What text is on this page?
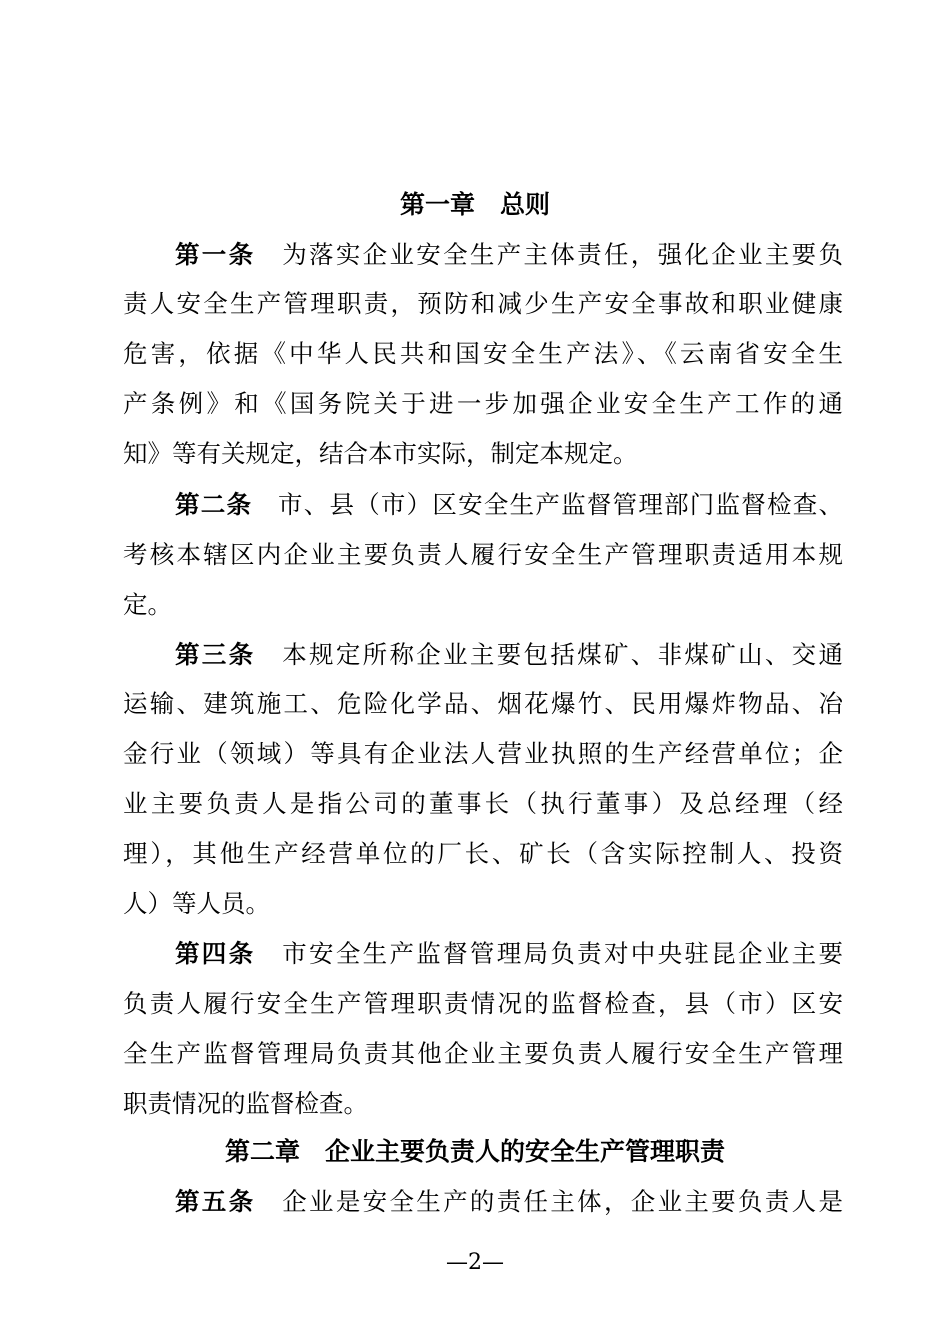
第一章　总则
第一条　为落实企业安全生产主体责任，强化企业主要负
责人安全生产管理职责，预防和减少生产安全事故和职业健康
危害，依据《中华人民共和国安全生产法》、《云南省安全生
产条例》和《国务院关于进一步加强企业安全生产工作的通
知》等有关规定，结合本市实际，制定本规定。
第二条　市、县（市）区安全生产监督管理部门监督检查、
考核本辖区内企业主要负责人履行安全生产管理职责适用本规
定。
第三条　本规定所称企业主要包括煤矿、非煤矿山、交通
运输、建筑施工、危险化学品、烟花爆竹、民用爆炸物品、冶
金行业（领域）等具有企业法人营业执照的生产经营单位；企
业主要负责人是指公司的董事长（执行董事）及总经理（经
理），其他生产经营单位的厂长、矿长（含实际控制人、投资
人）等人员。
第四条　市安全生产监督管理局负责对中央驻昆企业主要
负责人履行安全生产管理职责情况的监督检查，县（市）区安
全生产监督管理局负责其他企业主要负责人履行安全生产管理
职责情况的监督检查。
第二章　企业主要负责人的安全生产管理职责
第五条　企业是安全生产的责任主体，企业主要负责人是
—2—
